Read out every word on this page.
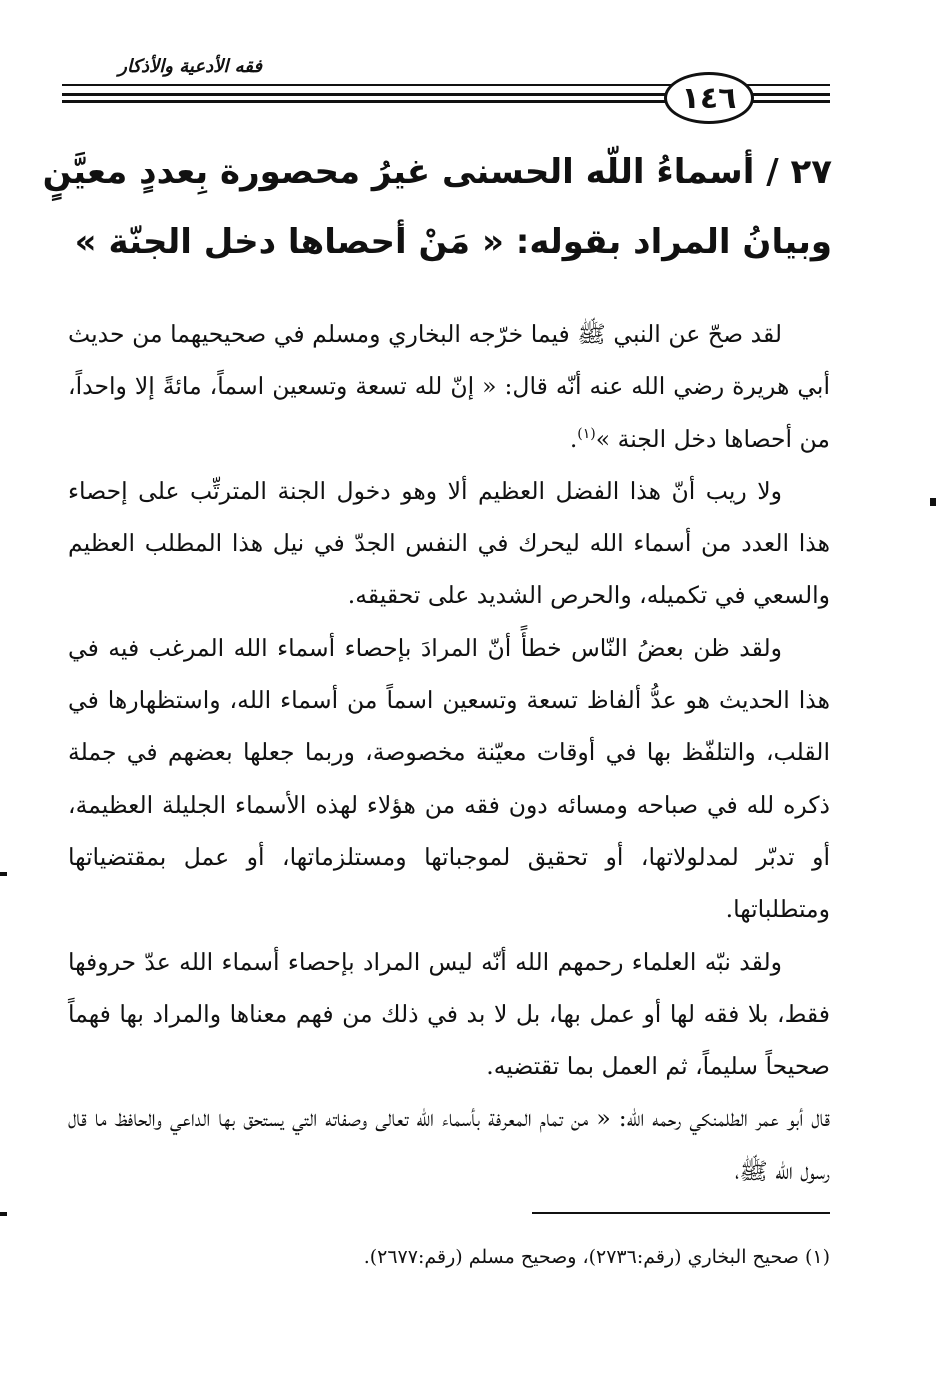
فقه الأدعية والأذكار
١٤٦
٢٧ / أسماءُ اللّه الحسنى غيرُ محصورة بِعددٍ معيَّنٍ
وبيانُ المراد بقوله: « مَنْ أحصاها دخل الجنّة »

لقد صحّ عن النبي ﷺ فيما خرّجه البخاري ومسلم في صحيحيهما من حديث أبي هريرة رضي الله عنه أنّه قال: « إنّ لله تسعة وتسعين اسماً، مائةً إلا واحداً، من أحصاها دخل الجنة »$^{(١)}$.

ولا ريب أنّ هذا الفضل العظيم ألا وهو دخول الجنة المترتِّب على إحصاء هذا العدد من أسماء الله ليحرك في النفس الجدّ في نيل هذا المطلب العظيم والسعي في تكميله، والحرص الشديد على تحقيقه.

ولقد ظن بعضُ النّاس خطأً أنّ المرادَ بإحصاء أسماء الله المرغب فيه في هذا الحديث هو عدُّ ألفاظ تسعة وتسعين اسماً من أسماء الله، واستظهارها في القلب، والتلفّظ بها في أوقات معيّنة مخصوصة، وربما جعلها بعضهم في جملة ذكره لله في صباحه ومسائه دون فقه من هؤلاء لهذه الأسماء الجليلة العظيمة، أو تدبّر لمدلولاتها، أو تحقيق لموجباتها ومستلزماتها، أو عمل بمقتضياتها ومتطلباتها.

ولقد نبّه العلماء رحمهم الله أنّه ليس المراد بإحصاء أسماء الله عدّ حروفها فقط، بلا فقه لها أو عمل بها، بل لا بد في ذلك من فهم معناها والمراد بها فهماً صحيحاً سليماً، ثم العمل بما تقتضيه.

قال أبو عمر الطلمنكي رحمه الله: « من تمام المعرفة بأسماء الله تعالى وصفاته التي يستحق بها الداعي والحافظ ما قال رسول الله ﷺ،

(١) صحيح البخاري (رقم:٢٧٣٦)، وصحيح مسلم (رقم:٢٦٧٧).
